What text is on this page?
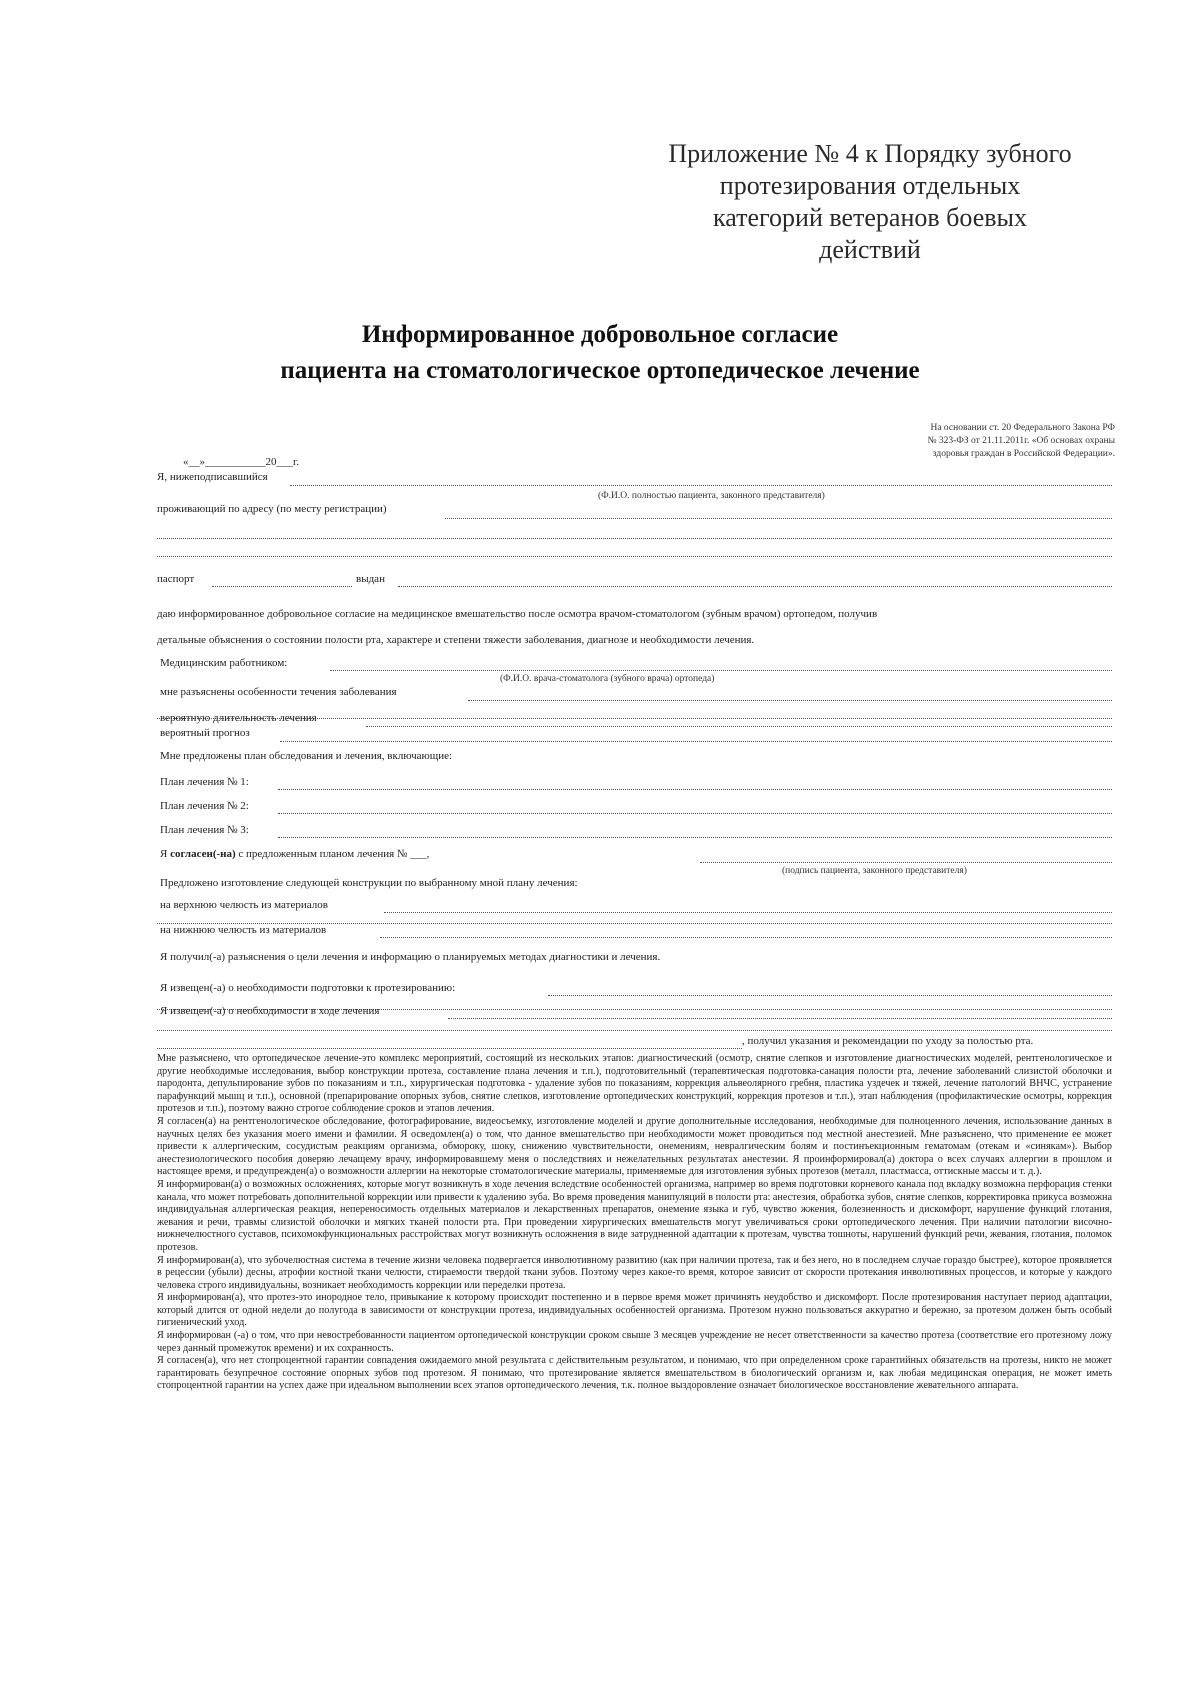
Приложение № 4 к Порядку зубного
протезирования отдельных
категорий ветеранов боевых
действий
Информированное добровольное согласие
пациента на стоматологическое ортопедическое лечение
На основании ст. 20 Федерального Закона РФ
№ 323-ФЗ от 21.11.2011г. «Об основах охраны
здоровья граждан в Российской Федерации».
«__»___________20___г.
Я, нижеподписавшийся
(Ф.И.О. полностью пациента, законного представителя)
проживающий по адресу (по месту регистрации)
паспорт	выдан
даю информированное добровольное согласие на медицинское вмешательство после осмотра врачом-стоматологом (зубным врачом) ортопедом, получив
детальные объяснения о состоянии полости рта, характере и степени тяжести заболевания, диагнозе и необходимости лечения.
Медицинским работником:
(Ф.И.О. врача-стоматолога (зубного врача) ортопеда)
мне разъяснены особенности течения заболевания
вероятную длительность лечения
вероятный прогноз
Мне предложены план обследования и лечения, включающие:
План лечения № 1:
План лечения № 2:
План лечения № 3:
Я согласен(-на) с предложенным планом лечения № ___,
(подпись пациента, законного представителя)
Предложено изготовление следующей конструкции по выбранному мной плану лечения:
на верхнюю челюсть из материалов
на нижнюю челюсть из материалов
Я получил(-а) разъяснения о цели лечения и информацию о планируемых методах диагностики и лечения.
Я извещен(-а) о необходимости подготовки к протезированию:
Я извещен(-а) о необходимости в ходе лечения
, получил указания и рекомендации по уходу за полостью рта.

Мне разъяснено, что ортопедическое лечение-это комплекс мероприятий, состоящий из нескольких этапов: диагностический (осмотр, снятие слепков и изготовление диагностических моделей, рентгенологическое и другие необходимые исследования, выбор конструкции протеза, составление плана лечения и т.п.), подготовительный (терапевтическая подготовка-санация полости рта, лечение заболеваний слизистой оболочки и пародонта, депульпирование зубов по показаниям и т.п., хирургическая подготовка - удаление зубов по показаниям, коррекция альвеолярного гребня, пластика уздечек и тяжей, лечение патологий ВНЧС, устранение парафункций мышц и т.п.), основной (препарирование опорных зубов, снятие слепков, изготовление ортопедических конструкций, коррекция протезов и т.п.), этап наблюдения (профилактические осмотры, коррекция протезов и т.п.), поэтому важно строгое соблюдение сроков и этапов лечения.

Я согласен(а) на рентгенологическое обследование, фотографирование, видеосъемку, изготовление моделей и другие дополнительные исследования, необходимые для полноценного лечения, использование данных в научных целях без указания моего имени и фамилии. Я осведомлен(а) о том, что данное вмешательство при необходимости может проводиться под местной анестезией. Мне разъяснено, что применение ее может привести к аллергическим, сосудистым реакциям организма, обмороку, шоку, снижению чувствительности, онемениям, невралгическим болям и постинъекционным гематомам (отекам и «синякам»). Выбор анестезиологического пособия доверяю лечащему врачу, информировавшему меня о последствиях и нежелательных результатах анестезии. Я проинформировал(а) доктора о всех случаях аллергии в прошлом и настоящее время, и предупрежден(а) о возможности аллергии на некоторые стоматологические материалы, применяемые для изготовления зубных протезов (металл, пластмасса, оттискные массы и т. д.).

Я информирован(а) о возможных осложнениях, которые могут возникнуть в ходе лечения вследствие особенностей организма, например во время подготовки корневого канала под вкладку возможна перфорация стенки канала, что может потребовать дополнительной коррекции или привести к удалению зуба. Во время проведения манипуляций в полости рта: анестезия, обработка зубов, снятие слепков, корректировка прикуса возможна индивидуальная аллергическая реакция, непереносимость отдельных материалов и лекарственных препаратов, онемение языка и губ, чувство жжения, болезненность и дискомфорт, нарушение функций глотания, жевания и речи, травмы слизистой оболочки и мягких тканей полости рта. При проведении хирургических вмешательств могут увеличиваться сроки ортопедического лечения. При наличии патологии височно-нижнечелюстного суставов, психомокфункциональных расстройствах могут возникнуть осложнения в виде затрудненной адаптации к протезам, чувства тошноты, нарушений функций речи, жевания, глотания, поломок протезов.

Я информирован(а), что зубочелюстная система в течение жизни человека подвергается инволютивному развитию (как при наличии протеза, так и без него, но в последнем случае гораздо быстрее), которое проявляется в рецессии (убыли) десны, атрофии костной ткани челюсти, стираемости твердой ткани зубов. Поэтому через какое-то время, которое зависит от скорости протекания инволютивных процессов, и которые у каждого человека строго индивидуальны, возникает необходимость коррекции или переделки протеза.

Я информирован(а), что протез-это инородное тело, привыкание к которому происходит постепенно и в первое время может причинять неудобство и дискомфорт. После протезирования наступает период адаптации, который длится от одной недели до полугода в зависимости от конструкции протеза, индивидуальных особенностей организма. Протезом нужно пользоваться аккуратно и бережно, за протезом должен быть особый гигиенический уход.

Я информирован (-а) о том, что при невостребованности пациентом ортопедической конструкции сроком свыше 3 месяцев учреждение не несет ответственности за качество протеза (соответствие его протезному ложу через данный промежуток времени) и их сохранность.

Я согласен(а), что нет стопроцентной гарантии совпадения ожидаемого мной результата с действительным результатом, и понимаю, что при определенном сроке гарантийных обязательств на протезы, никто не может гарантировать безупречное состояние опорных зубов под протезом. Я понимаю, что протезирование является вмешательством в биологический организм и, как любая медицинская операция, не может иметь стопроцентной гарантии на успех даже при идеальном выполнении всех этапов ортопедического лечения, т.к. полное выздоровление означает биологическое восстановление жевательного аппарата.
